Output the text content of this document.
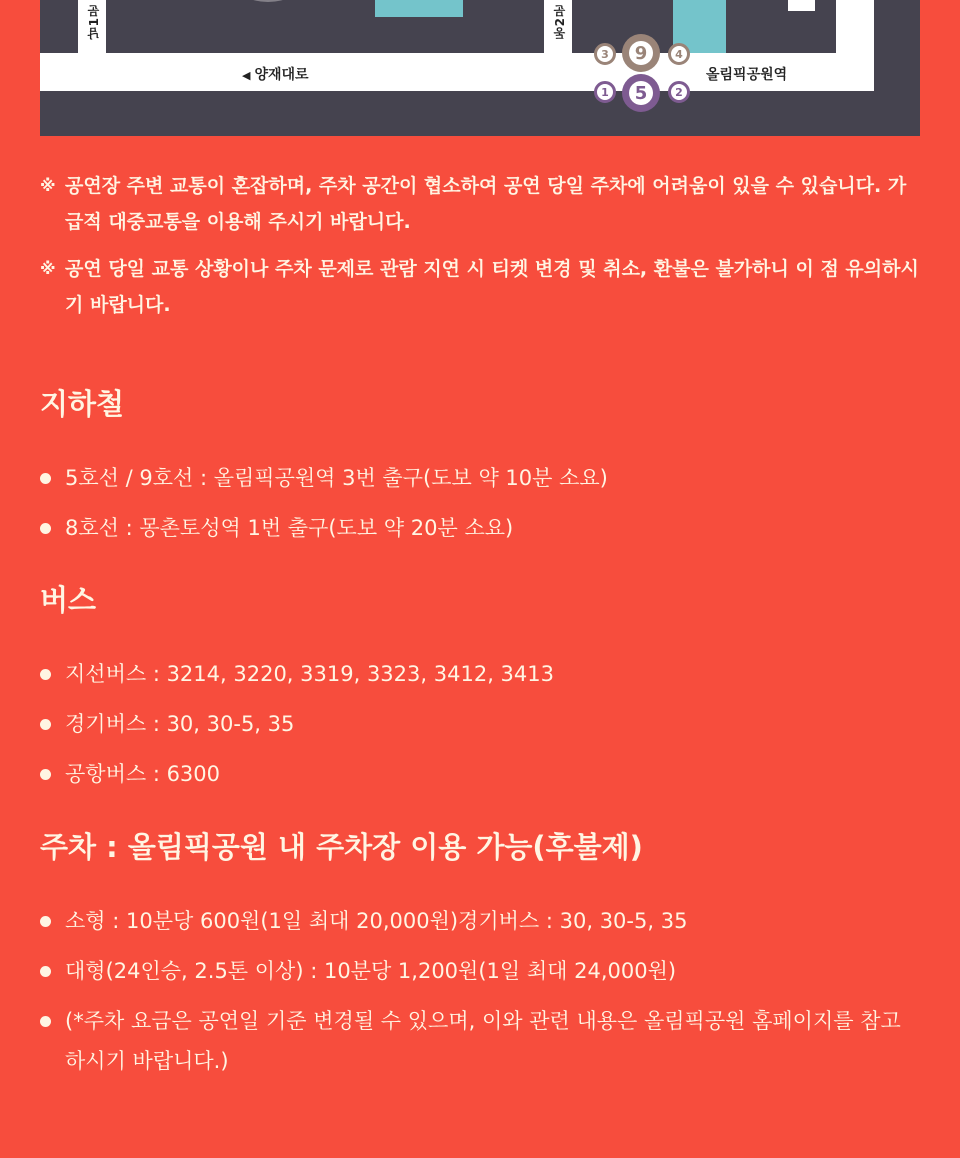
남1문	동2문
◀ 양재대로	올림픽공원역
3	9	4
1	5	2
※ 공연장 주변 교통이 혼잡하며, 주차 공간이 협소하여 공연 당일 주차에 어려움이 있을 수 있습니다. 가급적 대중교통을 이용해 주시기 바랍니다.
※ 공연 당일 교통 상황이나 주차 문제로 관람 지연 시 티켓 변경 및 취소, 환불은 불가하니 이 점 유의하시기 바랍니다.
지하철
5호선 / 9호선 : 올림픽공원역 3번 출구(도보 약 10분 소요)
8호선 : 몽촌토성역 1번 출구(도보 약 20분 소요)
버스
지선버스 : 3214, 3220, 3319, 3323, 3412, 3413
경기버스 : 30, 30-5, 35
공항버스 : 6300
주차 : 올림픽공원 내 주차장 이용 가능(후불제)
소형 : 10분당 600원(1일 최대 20,000원)경기버스 : 30, 30-5, 35
대형(24인승, 2.5톤 이상) : 10분당 1,200원(1일 최대 24,000원)
(*주차 요금은 공연일 기준 변경될 수 있으며, 이와 관련 내용은 올림픽공원 홈페이지를 참고하시기 바랍니다.)
